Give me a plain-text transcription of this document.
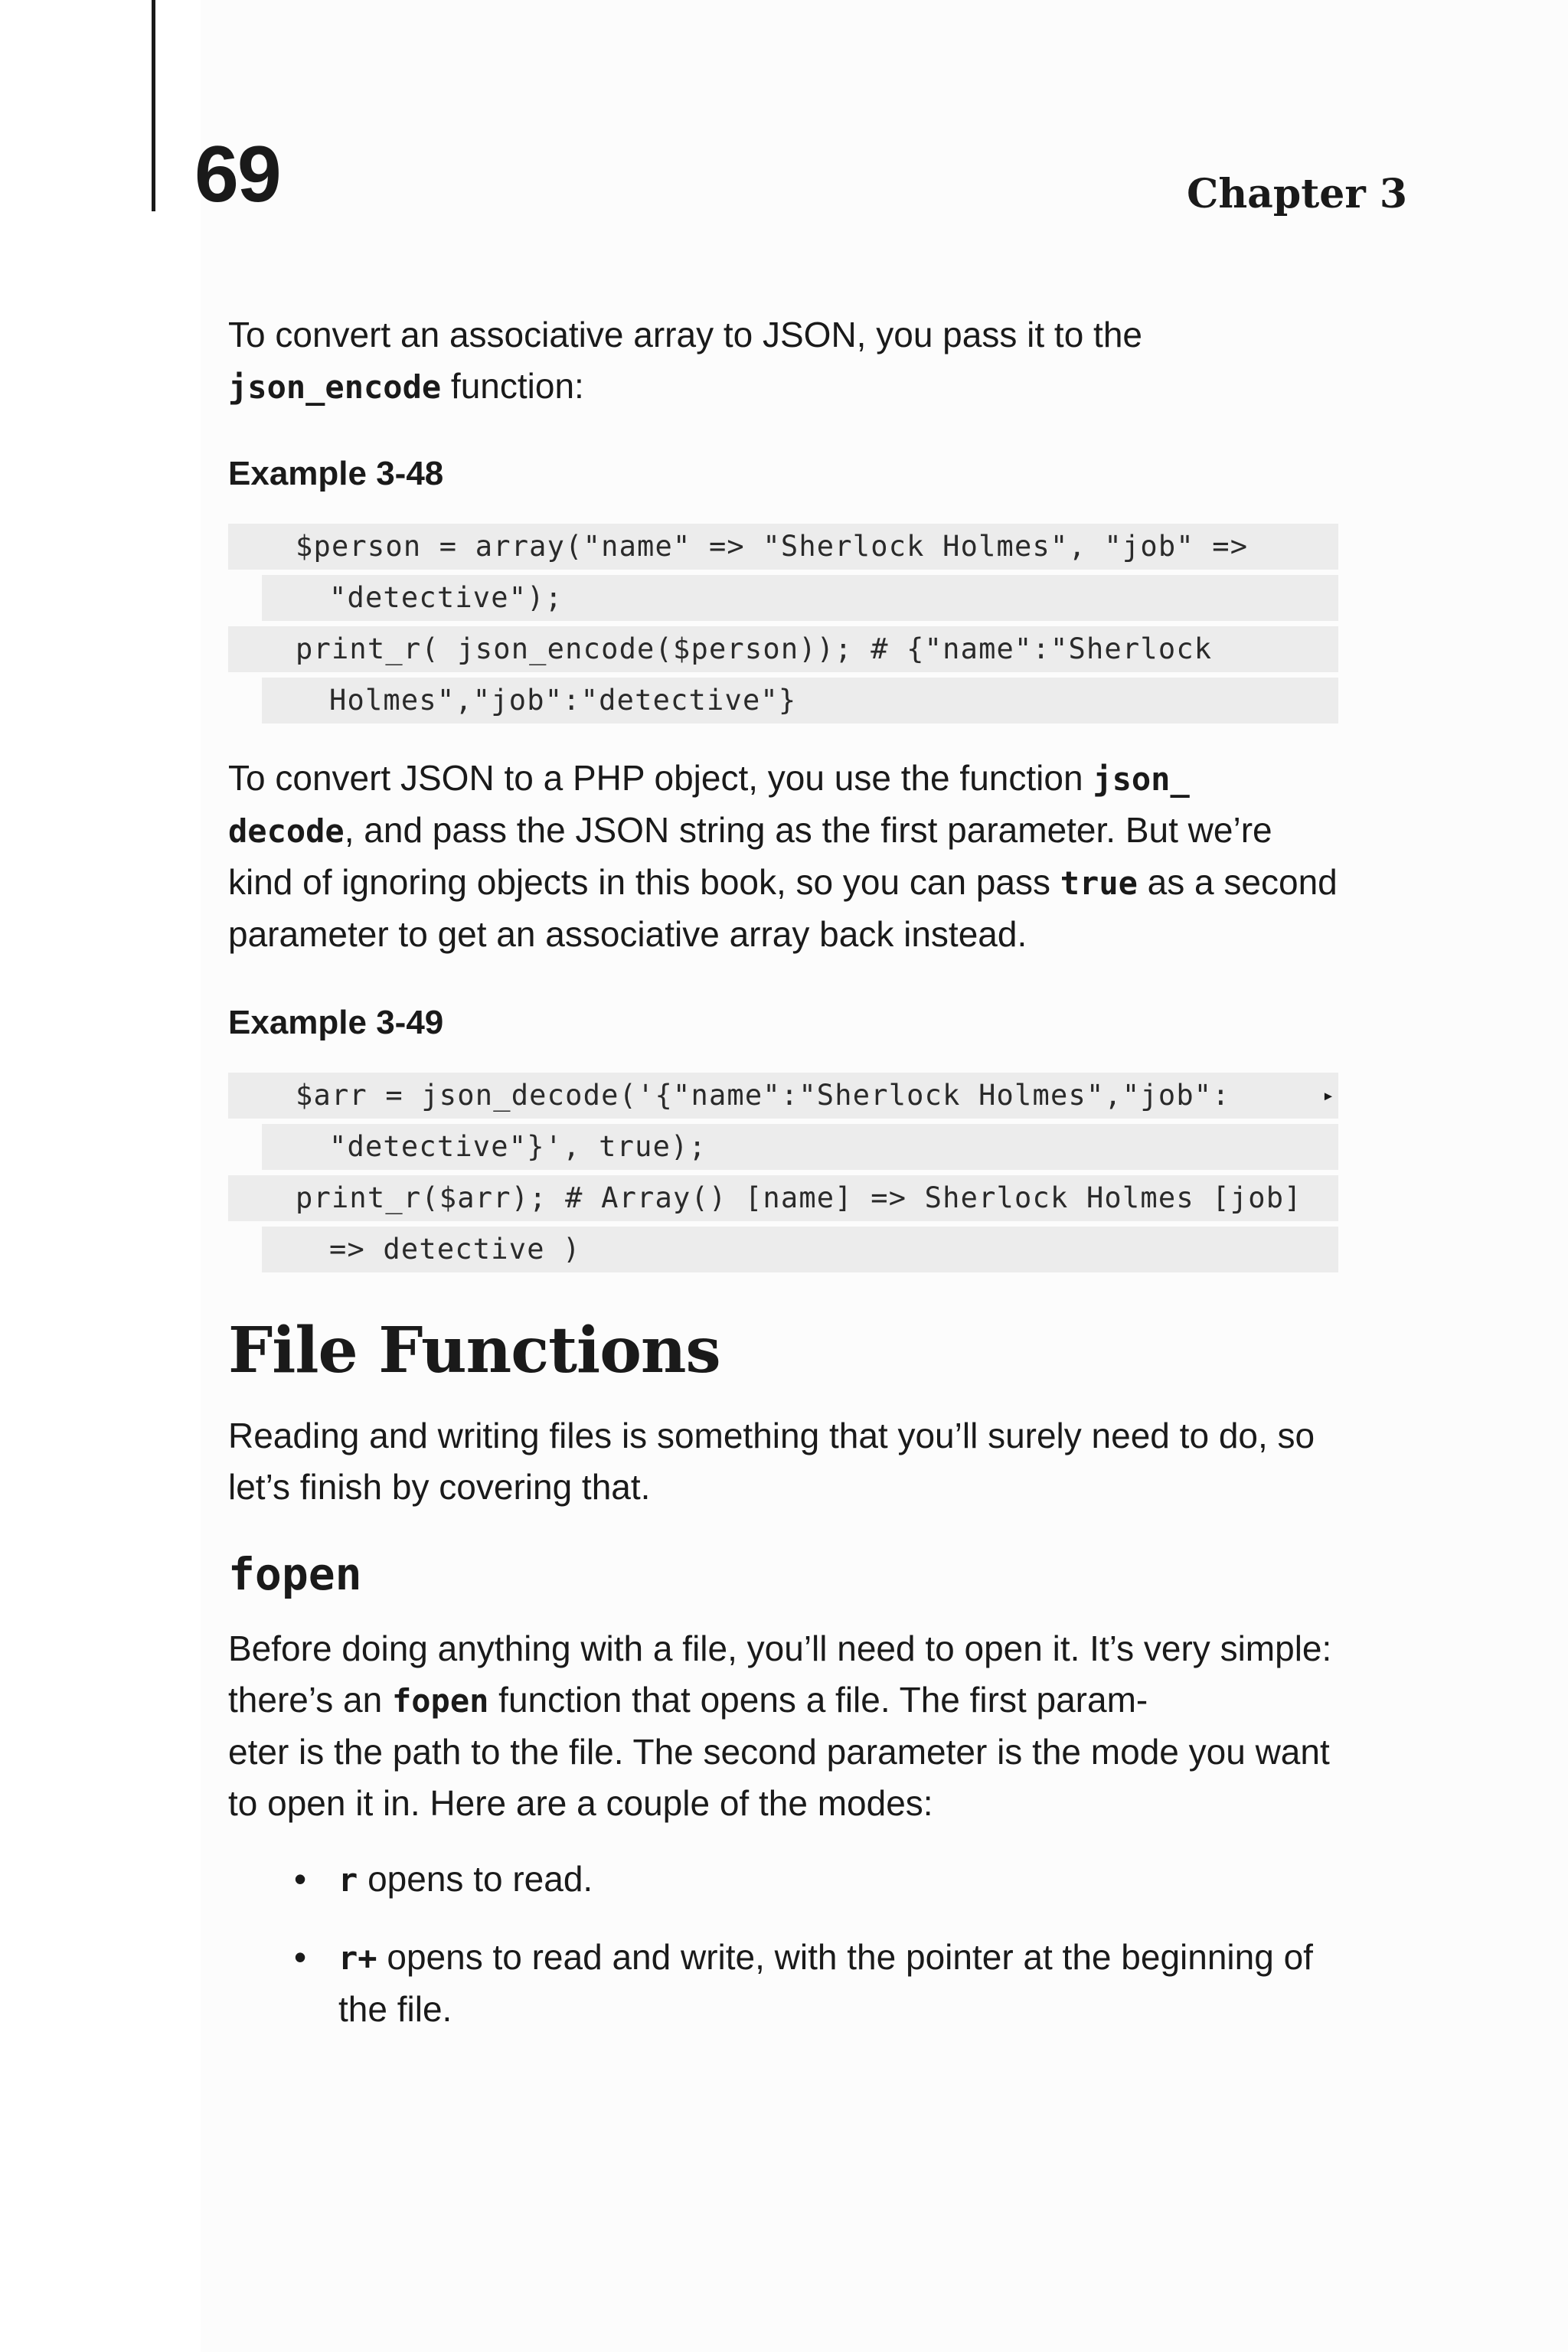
69	Chapter 3

To convert an associative array to JSON, you pass it to the
json_encode function:

Example 3-48

$person = array("name" => "Sherlock Holmes", "job" =>
"detective");
print_r( json_encode($person)); # {"name":"Sherlock
Holmes","job":"detective"}

To convert JSON to a PHP object, you use the function json_
decode, and pass the JSON string as the first parameter. But we’re kind of ignoring objects in this book, so you can pass true as a second parameter to get an associative array back instead.

Example 3-49

$arr = json_decode('{"name":"Sherlock Holmes","job":	▸
"detective"}', true);
print_r($arr); # Array() [name] => Sherlock Holmes [job]
=> detective )
File Functions

Reading and writing files is something that you’ll surely need to do, so let’s finish by covering that.

fopen

Before doing anything with a file, you’ll need to open it. It’s very simple: there’s an fopen function that opens a file. The first param-
eter is the path to the file. The second parameter is the mode you want to open it in. Here are a couple of the modes:

• r opens to read.
• r+ opens to read and write, with the pointer at the beginning of the file.
